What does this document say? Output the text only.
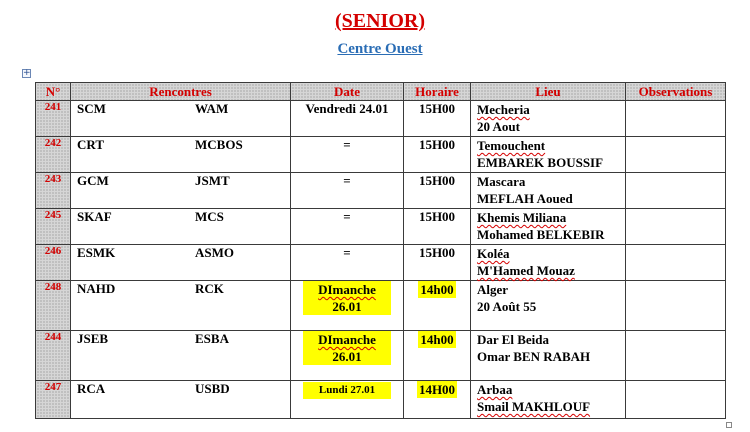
(SENIOR)
Centre Ouest
+
N°	Rencontres	Date	Horaire	Lieu	Observations
241	SCM WAM	Vendredi 24.01	15H00	Mecheria
20 Aout	

242	CRT MCBOS	=	15H00	Temouchent
EMBAREK BOUSSIF	

243	GCM JSMT	=	15H00	Mascara
MEFLAH Aoued	

245	SKAF MCS	=	15H00	Khemis Miliana
Mohamed BELKEBIR	

246	ESMK ASMO	=	15H00	Koléa
M'Hamed Mouaz	

248	NAHD RCK	DImanche
26.01	14h00	Alger
20 Août 55	

244	JSEB ESBA	DImanche
26.01	14h00	Dar El Beida
Omar BEN RABAH	

247	RCA USBD	Lundi 27.01	14H00	Arbaa
Smail MAKHLOUF	
